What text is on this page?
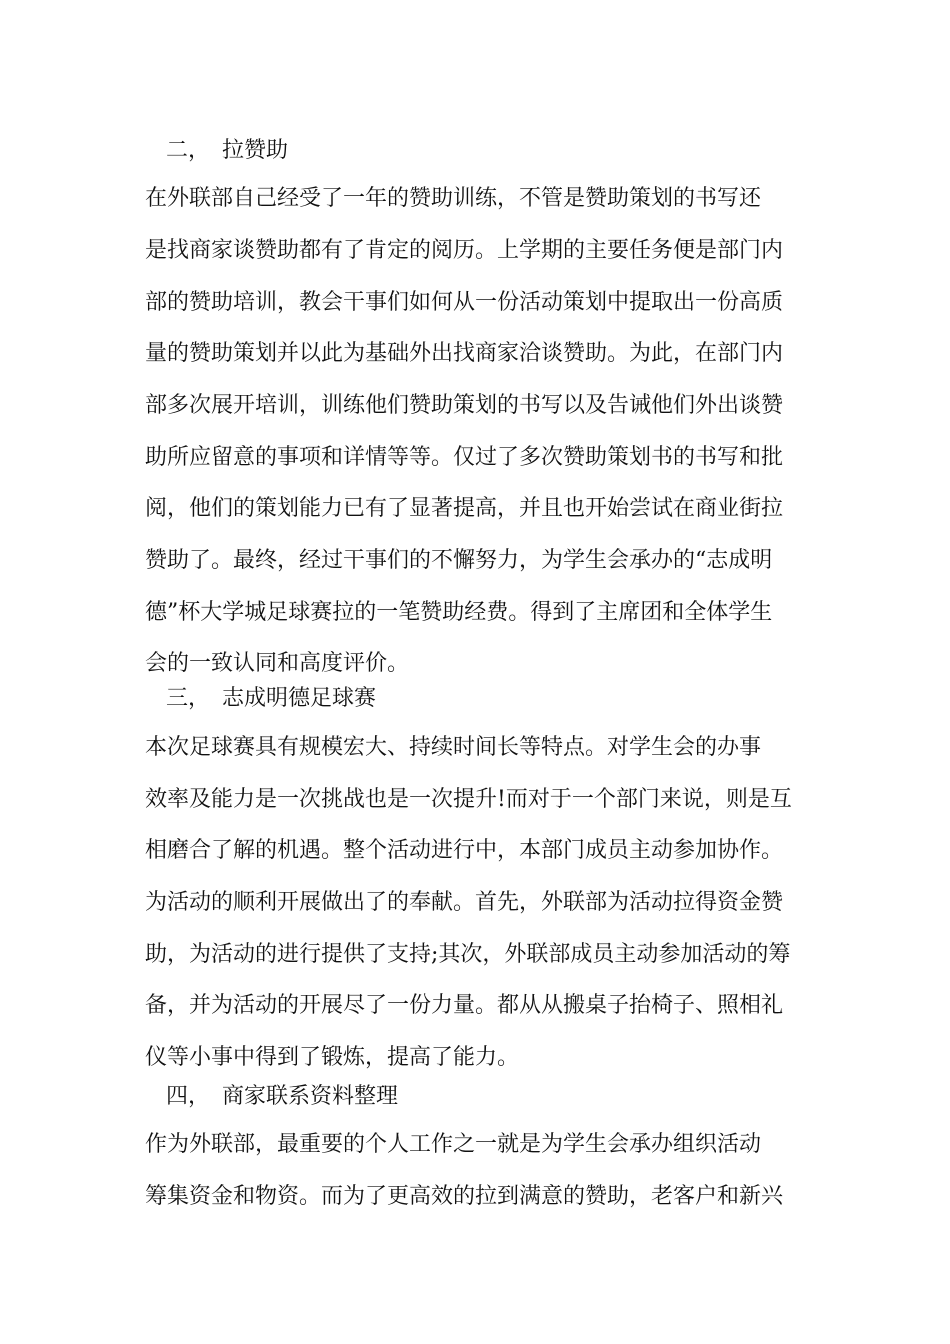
二， 拉赞助

在外联部自己经受了一年的赞助训练，不管是赞助策划的书写还

是找商家谈赞助都有了肯定的阅历。上学期的主要任务便是部门内

部的赞助培训，教会干事们如何从一份活动策划中提取出一份高质

量的赞助策划并以此为基础外出找商家洽谈赞助。为此，在部门内

部多次展开培训，训练他们赞助策划的书写以及告诫他们外出谈赞

助所应留意的事项和详情等等。仅过了多次赞助策划书的书写和批

阅，他们的策划能力已有了显著提高，并且也开始尝试在商业街拉

赞助了。最终，经过干事们的不懈努力，为学生会承办的“志成明

德”杯大学城足球赛拉的一笔赞助经费。得到了主席团和全体学生

会的一致认同和高度评价。

三， 志成明德足球赛

本次足球赛具有规模宏大、持续时间长等特点。对学生会的办事

效率及能力是一次挑战也是一次提升!而对于一个部门来说，则是互

相磨合了解的机遇。整个活动进行中，本部门成员主动参加协作。

为活动的顺利开展做出了的奉献。首先，外联部为活动拉得资金赞

助，为活动的进行提供了支持;其次，外联部成员主动参加活动的筹

备，并为活动的开展尽了一份力量。都从从搬桌子抬椅子、照相礼

仪等小事中得到了锻炼，提高了能力。

四， 商家联系资料整理

作为外联部，最重要的个人工作之一就是为学生会承办组织活动

筹集资金和物资。而为了更高效的拉到满意的赞助，老客户和新兴
